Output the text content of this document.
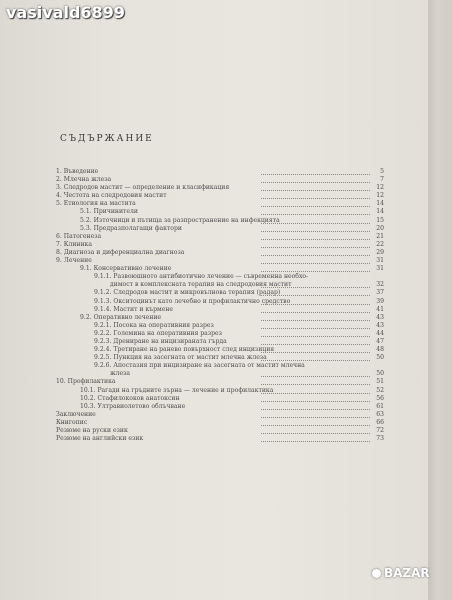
vasivald6899
СЪДЪРЖАНИЕ
1. Въведение	5
2. Млечна жлеза	7
3. Следродов мастит — определение и класификация	12
4. Честота на следродовия мастит	12
5. Етиология на мастита	14
5.1. Причинители	14
5.2. Източници и пътища за разпространение на инфекцията	15
5.3. Предразполагащи фактори	20
6. Патогенеза	21
7. Клиника	22
8. Диагноза и диференциална диагноза	29
9. Лечение	31
9.1. Консервативно лечение	31
9.1.1. Развоюшното антибиотично лечение — съвременна необхо-
димост в комплексната терапия на следродовия мастит	32
9.1.2. Следродов мастит и микровълнова терапия (радар)	37
9.1.3. Окситоцинът като лечебно и профилактично средство	39
9.1.4. Мастит и кърмене	41
9.2. Оперативно лечение	43
9.2.1. Посока на оперативния разрез	43
9.2.2. Големина на оперативния разрез	44
9.2.3. Дрениране на инцизираната гърда	47
9.2.4. Третиране на ранево повърхност след инцизиция	48
9.2.5. Пункция на засегната от мастит млечна жлеза	50
9.2.6. Апостазия при инцизиране на засегната от мастит млечна
жлеза	50
10. Профилактика	51
10.1. Рагади на гръдните зърна — лечение и профилактика	52
10.2. Стафилококов анатоксин	56
10.3. Ултравиолетово облъчване	61
Заключение	63
Книгопис	66
Резюме на руски език	72
Резюме на английски език	73
BAZAR
